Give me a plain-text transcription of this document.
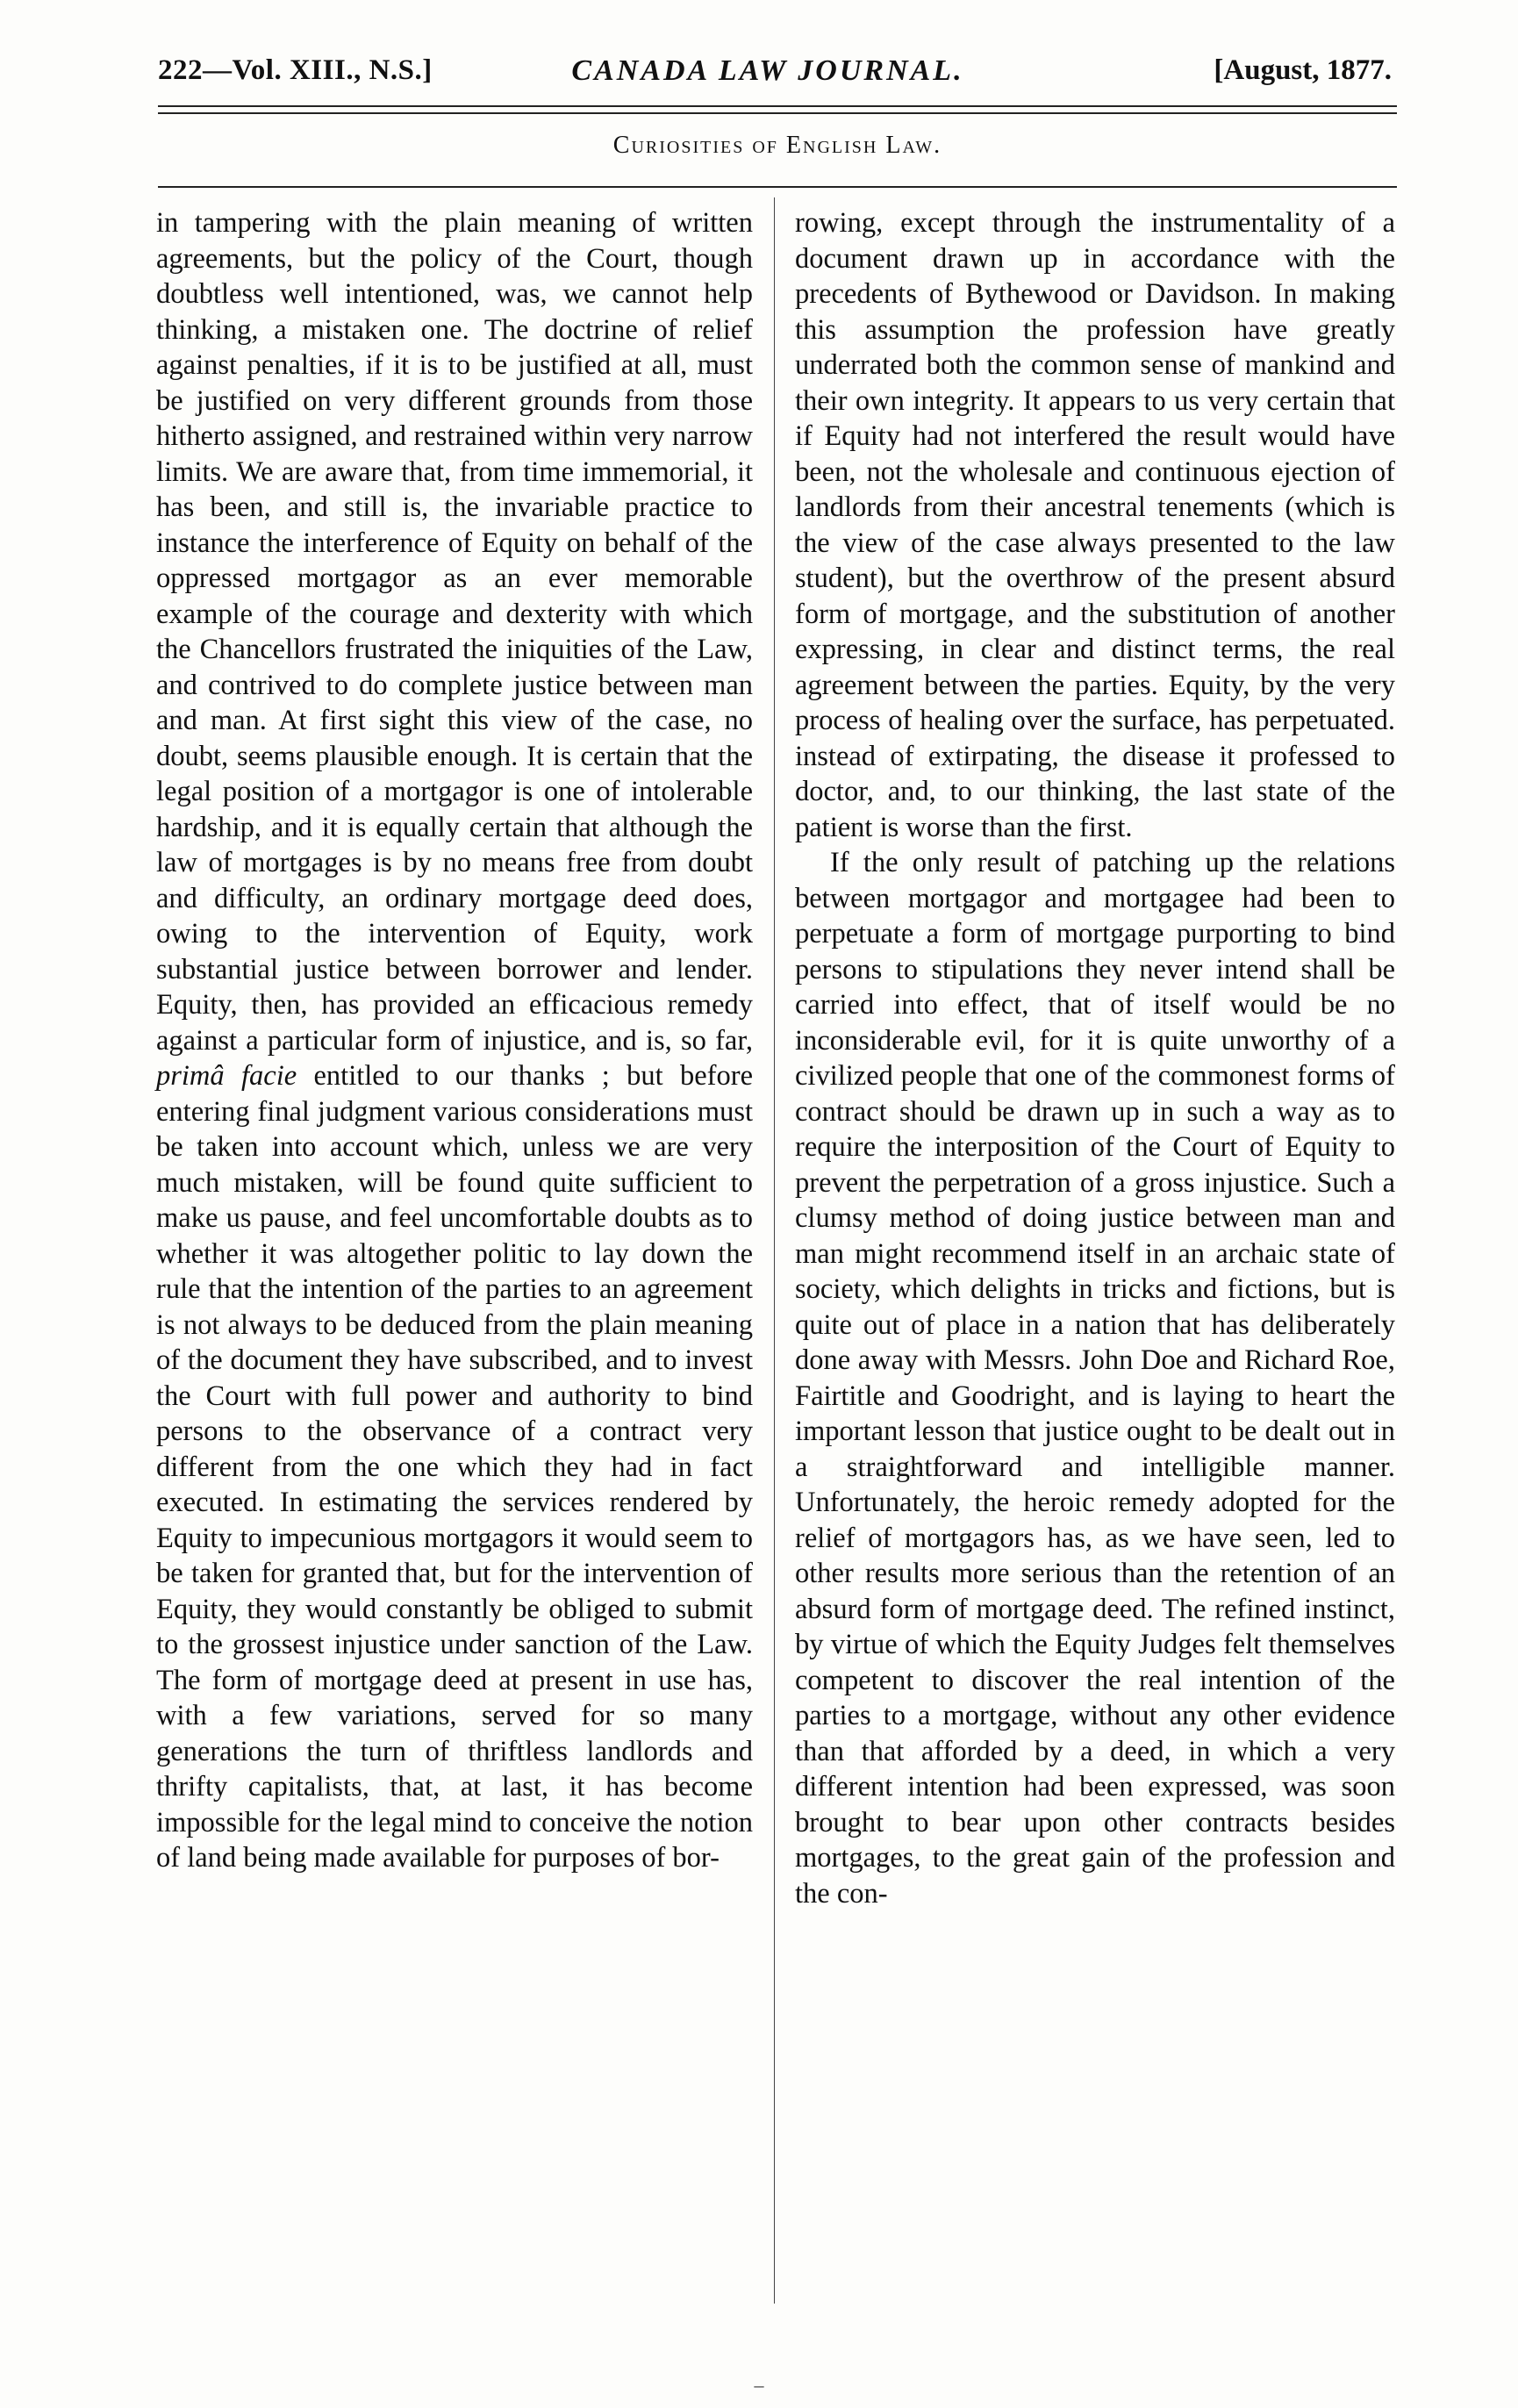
222—Vol. XIII., N.S.]	CANADA LAW JOURNAL.	[August, 1877.
Curiosities of English Law.

in tampering with the plain meaning of written agreements, but the policy of the Court, though doubtless well intentioned, was, we cannot help thinking, a mistaken one. The doctrine of relief against penalties, if it is to be justified at all, must be justified on very different grounds from those hitherto assigned, and restrained within very narrow limits. We are aware that, from time immemorial, it has been, and still is, the invariable practice to instance the interference of Equity on behalf of the oppressed mortgagor as an ever memorable example of the courage and dexterity with which the Chancellors frustrated the iniquities of the Law, and contrived to do complete justice between man and man. At first sight this view of the case, no doubt, seems plausible enough. It is certain that the legal position of a mortgagor is one of intolerable hardship, and it is equally certain that although the law of mortgages is by no means free from doubt and difficulty, an ordinary mortgage deed does, owing to the intervention of Equity, work substantial justice between borrower and lender. Equity, then, has provided an efficacious remedy against a particular form of injustice, and is, so far, primâ facie entitled to our thanks ; but before entering final judgment various considerations must be taken into account which, unless we are very much mistaken, will be found quite sufficient to make us pause, and feel uncomfortable doubts as to whether it was altogether politic to lay down the rule that the intention of the parties to an agreement is not always to be deduced from the plain meaning of the document they have subscribed, and to invest the Court with full power and authority to bind persons to the observance of a contract very different from the one which they had in fact executed. In estimating the services rendered by Equity to impecunious mortgagors it would seem to be taken for granted that, but for the intervention of Equity, they would constantly be obliged to submit to the grossest injustice under sanction of the Law. The form of mortgage deed at present in use has, with a few variations, served for so many generations the turn of thriftless landlords and thrifty capitalists, that, at last, it has become impossible for the legal mind to conceive the notion of land being made available for purposes of bor-

rowing, except through the instrumentality of a document drawn up in accordance with the precedents of Bythewood or Davidson. In making this assumption the profession have greatly underrated both the common sense of mankind and their own integrity. It appears to us very certain that if Equity had not interfered the result would have been, not the wholesale and continuous ejection of landlords from their ancestral tenements (which is the view of the case always presented to the law student), but the overthrow of the present absurd form of mortgage, and the substitution of another expressing, in clear and distinct terms, the real agreement between the parties. Equity, by the very process of healing over the surface, has perpetuated. instead of extirpating, the disease it professed to doctor, and, to our thinking, the last state of the patient is worse than the first.

If the only result of patching up the relations between mortgagor and mortgagee had been to perpetuate a form of mortgage purporting to bind persons to stipulations they never intend shall be carried into effect, that of itself would be no inconsiderable evil, for it is quite unworthy of a civilized people that one of the commonest forms of contract should be drawn up in such a way as to require the interposition of the Court of Equity to prevent the perpetration of a gross injustice. Such a clumsy method of doing justice between man and man might recommend itself in an archaic state of society, which delights in tricks and fictions, but is quite out of place in a nation that has deliberately done away with Messrs. John Doe and Richard Roe, Fairtitle and Goodright, and is laying to heart the important lesson that justice ought to be dealt out in a straightforward and intelligible manner. Unfortunately, the heroic remedy adopted for the relief of mortgagors has, as we have seen, led to other results more serious than the retention of an absurd form of mortgage deed. The refined instinct, by virtue of which the Equity Judges felt themselves competent to discover the real intention of the parties to a mortgage, without any other evidence than that afforded by a deed, in which a very different intention had been expressed, was soon brought to bear upon other contracts besides mortgages, to the great gain of the profession and the con-

–
